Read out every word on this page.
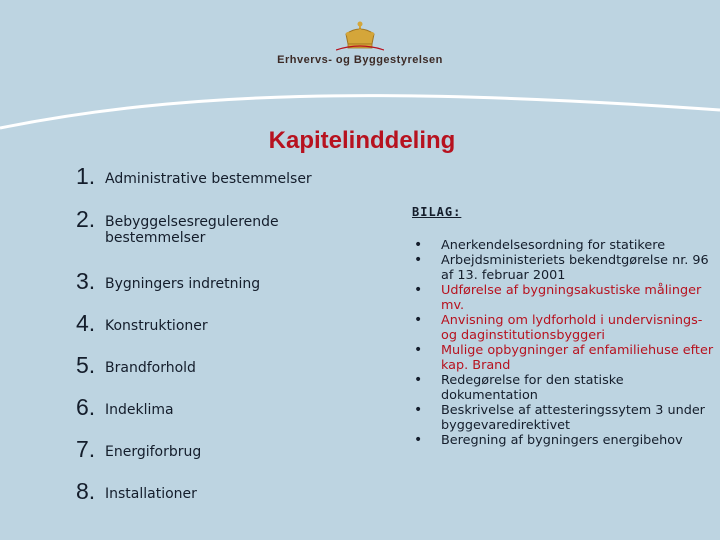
Erhvervs- og Byggestyrelsen
Kapitelinddeling
1. Administrative bestemmelser
2. Bebyggelsesregulerende bestemmelser
3. Bygningers indretning
4. Konstruktioner
5. Brandforhold
6. Indeklima
7. Energiforbrug
8. Installationer
BILAG:
•	Anerkendelsesordning for statikere
•	Arbejdsministeriets bekendtgørelse nr. 96 af 13. februar 2001
•	Udførelse af bygningsakustiske målinger mv.
•	Anvisning om lydforhold i undervisnings- og daginstitutionsbyggeri
•	Mulige opbygninger af enfamiliehuse efter kap. Brand
•	Redegørelse for den statiske dokumentation
•	Beskrivelse af attesteringssytem 3 under byggevaredirektivet
•	Beregning af bygningers energibehov
